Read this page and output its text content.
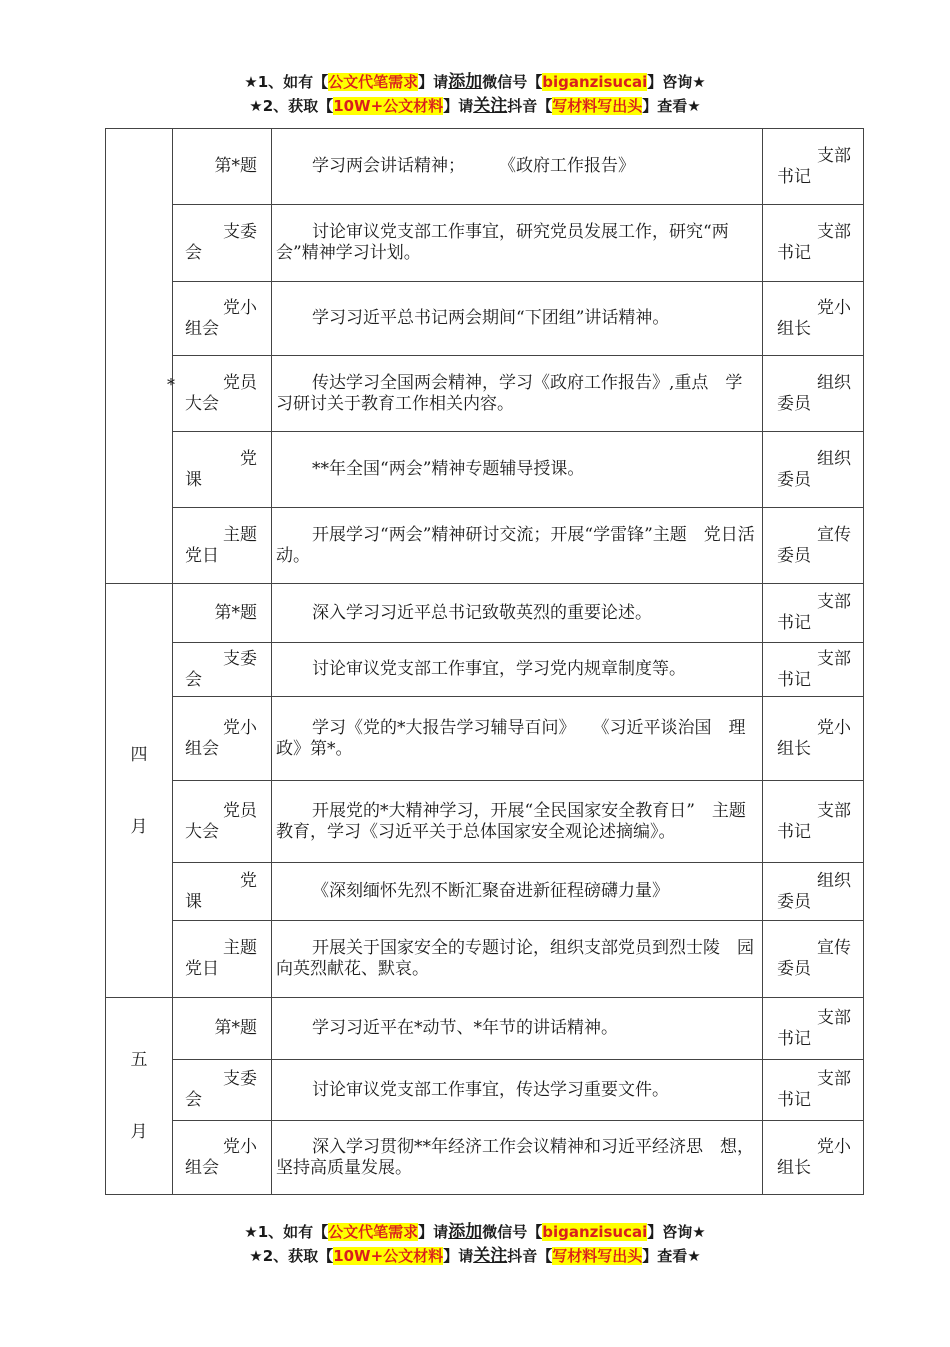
★1、如有【公文代笔需求】请添加微信号【biganzisucai】咨询★
★2、获取【10W+公文材料】请关注抖音【写材料写出头】查看★

	第*题	学习两会讲话精神；　　　《政府工作报告》	支部
书记

	支委
会	讨论审议党支部工作事宜，研究党员发展工作，研究“两　会”精神学习计划。	支部
书记

	党小
组会	学习习近平总书记两会期间“下团组”讲话精神。	党小
组长

	* 党员
大会	传达学习全国两会精神，学习《政府工作报告》,重点　学习研讨关于教育工作相关内容。	组织
委员

	党
课	**年全国“两会”精神专题辅导授课。	组织
委员

	主题
党日	开展学习“两会”精神研讨交流；开展“学雷锋”主题　党日活动。	宣传
委员

四
月	第*题	深入学习习近平总书记致敬英烈的重要论述。	支部
书记

	支委
会	讨论审议党支部工作事宜，学习党内规章制度等。	支部
书记

	党小
组会	学习《党的*大报告学习辅导百问》　　《习近平谈治国　理政》第*。	党小
组长

	党员
大会	开展党的*大精神学习，开展“全民国家安全教育日”　主题教育，学习《习近平关于总体国家安全观论述摘编》。	支部
书记

	党
课	《深刻缅怀先烈不断汇聚奋进新征程磅礴力量》	组织
委员

	主题
党日	开展关于国家安全的专题讨论，组织支部党员到烈士陵　园向英烈献花、默哀。	宣传
委员

五
月	第*题	学习习近平在*动节、*年节的讲话精神。	支部
书记

	支委
会	讨论审议党支部工作事宜，传达学习重要文件。	支部
书记

	党小
组会	深入学习贯彻**年经济工作会议精神和习近平经济思　想，坚持高质量发展。	党小
组长
★1、如有【公文代笔需求】请添加微信号【biganzisucai】咨询★
★2、获取【10W+公文材料】请关注抖音【写材料写出头】查看★
